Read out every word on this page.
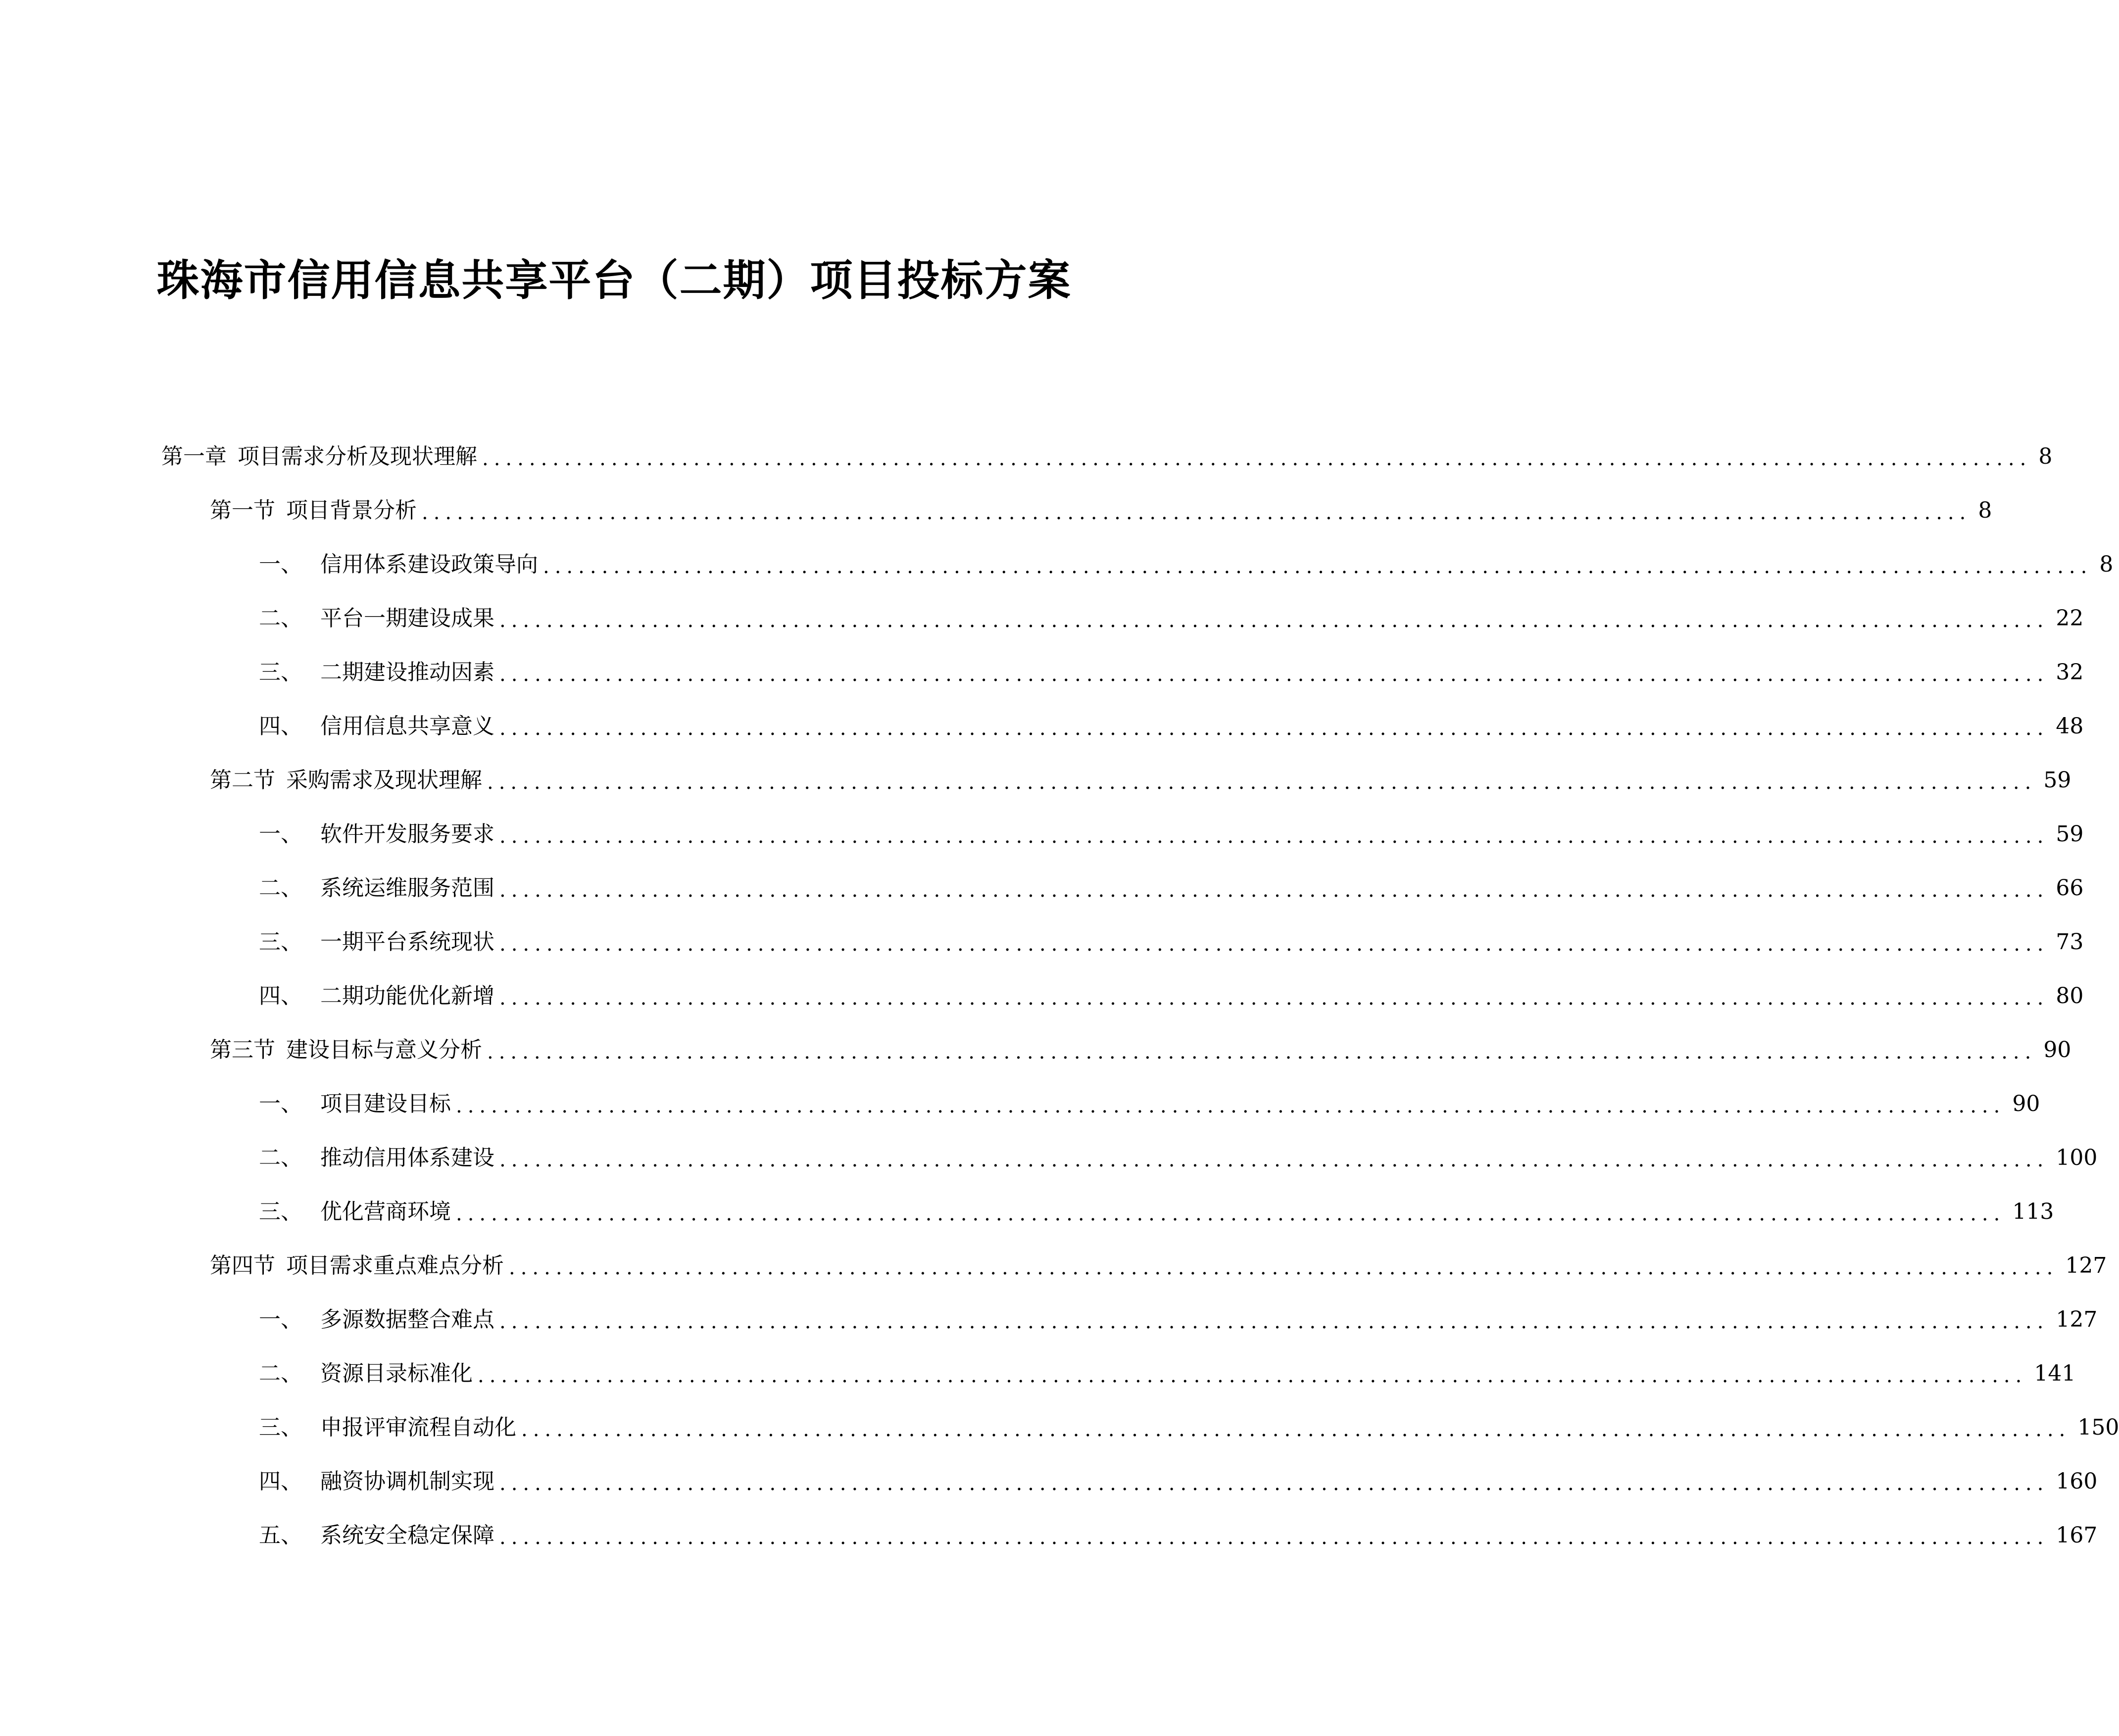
珠海市信用信息共享平台（二期）项目投标方案
第一章 项目需求分析及现状理解 .................................................................................................................................... 8
第一节 项目背景分析 .................................................................................................................................... 8
一、 信用体系建设政策导向 .................................................................................................................................... 8
二、 平台一期建设成果 .................................................................................................................................... 22
三、 二期建设推动因素 .................................................................................................................................... 32
四、 信用信息共享意义 .................................................................................................................................... 48
第二节 采购需求及现状理解 .................................................................................................................................... 59
一、 软件开发服务要求 .................................................................................................................................... 59
二、 系统运维服务范围 .................................................................................................................................... 66
三、 一期平台系统现状 .................................................................................................................................... 73
四、 二期功能优化新增 .................................................................................................................................... 80
第三节 建设目标与意义分析 .................................................................................................................................... 90
一、 项目建设目标 .................................................................................................................................... 90
二、 推动信用体系建设 .................................................................................................................................... 100
三、 优化营商环境 .................................................................................................................................... 113
第四节 项目需求重点难点分析 .................................................................................................................................... 127
一、 多源数据整合难点 .................................................................................................................................... 127
二、 资源目录标准化 .................................................................................................................................... 141
三、 申报评审流程自动化 .................................................................................................................................... 150
四、 融资协调机制实现 .................................................................................................................................... 160
五、 系统安全稳定保障 .................................................................................................................................... 167
